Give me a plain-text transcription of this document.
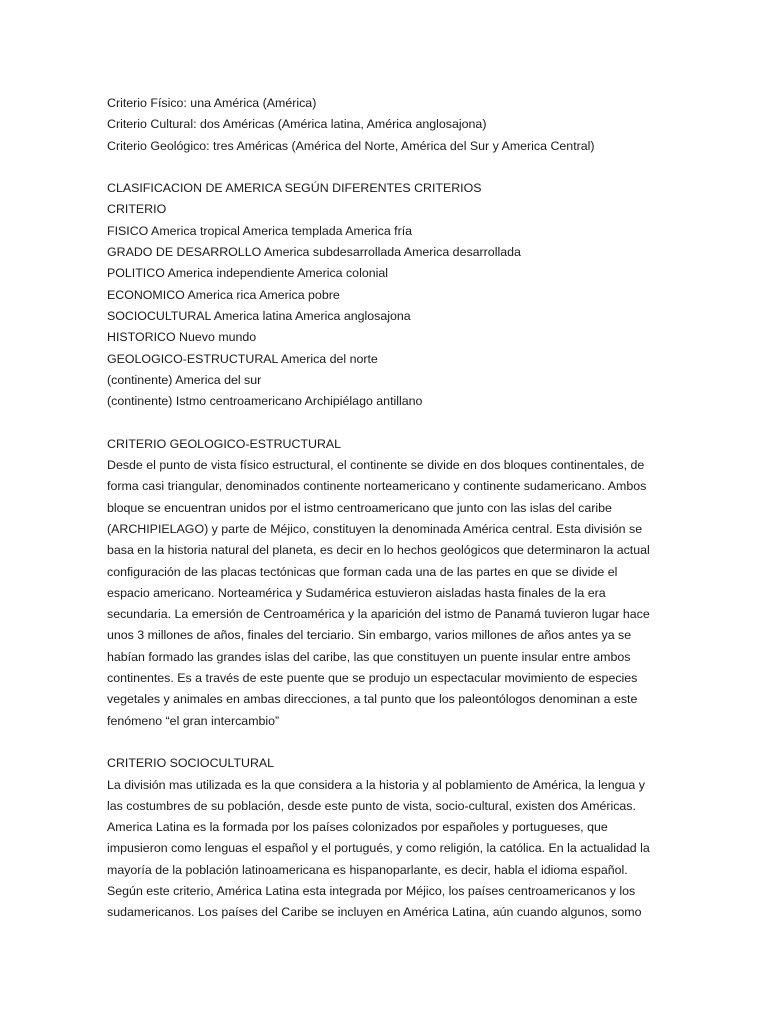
Criterio Físico: una América (América)
Criterio Cultural: dos Américas (América latina, América anglosajona)
Criterio Geológico: tres Américas (América del Norte, América del Sur y America Central)
CLASIFICACION DE AMERICA SEGÚN DIFERENTES CRITERIOS
CRITERIO
FISICO America tropical America templada America fría
GRADO DE DESARROLLO America subdesarrollada America desarrollada
POLITICO America independiente America colonial
ECONOMICO America rica America pobre
SOCIOCULTURAL America latina America anglosajona
HISTORICO Nuevo mundo
GEOLOGICO-ESTRUCTURAL America del norte
(continente) America del sur
(continente) Istmo centroamericano Archipiélago antillano
CRITERIO GEOLOGICO-ESTRUCTURAL
Desde el punto de vista físico estructural, el continente se divide en dos bloques continentales, de
forma casi triangular, denominados continente norteamericano y continente sudamericano. Ambos
bloque se encuentran unidos por el istmo centroamericano que junto con las islas del caribe
(ARCHIPIELAGO) y parte de Méjico, constituyen la denominada América central. Esta división se
basa en la historia natural del planeta, es decir en lo hechos geológicos que determinaron la actual
configuración de las placas tectónicas que forman cada una de las partes en que se divide el
espacio americano. Norteamérica y Sudamérica estuvieron aisladas hasta finales de la era
secundaria. La emersión de Centroamérica y la aparición del istmo de Panamá tuvieron lugar hace
unos 3 millones de años, finales del terciario. Sin embargo, varios millones de años antes ya se
habían formado las grandes islas del caribe, las que constituyen un puente insular entre ambos
continentes. Es a través de este puente que se produjo un espectacular movimiento de especies
vegetales y animales en ambas direcciones, a tal punto que los paleontólogos denominan a este
fenómeno “el gran intercambio”
CRITERIO SOCIOCULTURAL
La división mas utilizada es la que considera a la historia y al poblamiento de América, la lengua y
las costumbres de su población, desde este punto de vista, socio-cultural, existen dos Américas.
America Latina es la formada por los países colonizados por españoles y portugueses, que
impusieron como lenguas el español y el portugués, y como religión, la católica. En la actualidad la
mayoría de la población latinoamericana es hispanoparlante, es decir, habla el idioma español.
Según este criterio, América Latina esta integrada por Méjico, los países centroamericanos y los
sudamericanos. Los países del Caribe se incluyen en América Latina, aún cuando algunos, somo
